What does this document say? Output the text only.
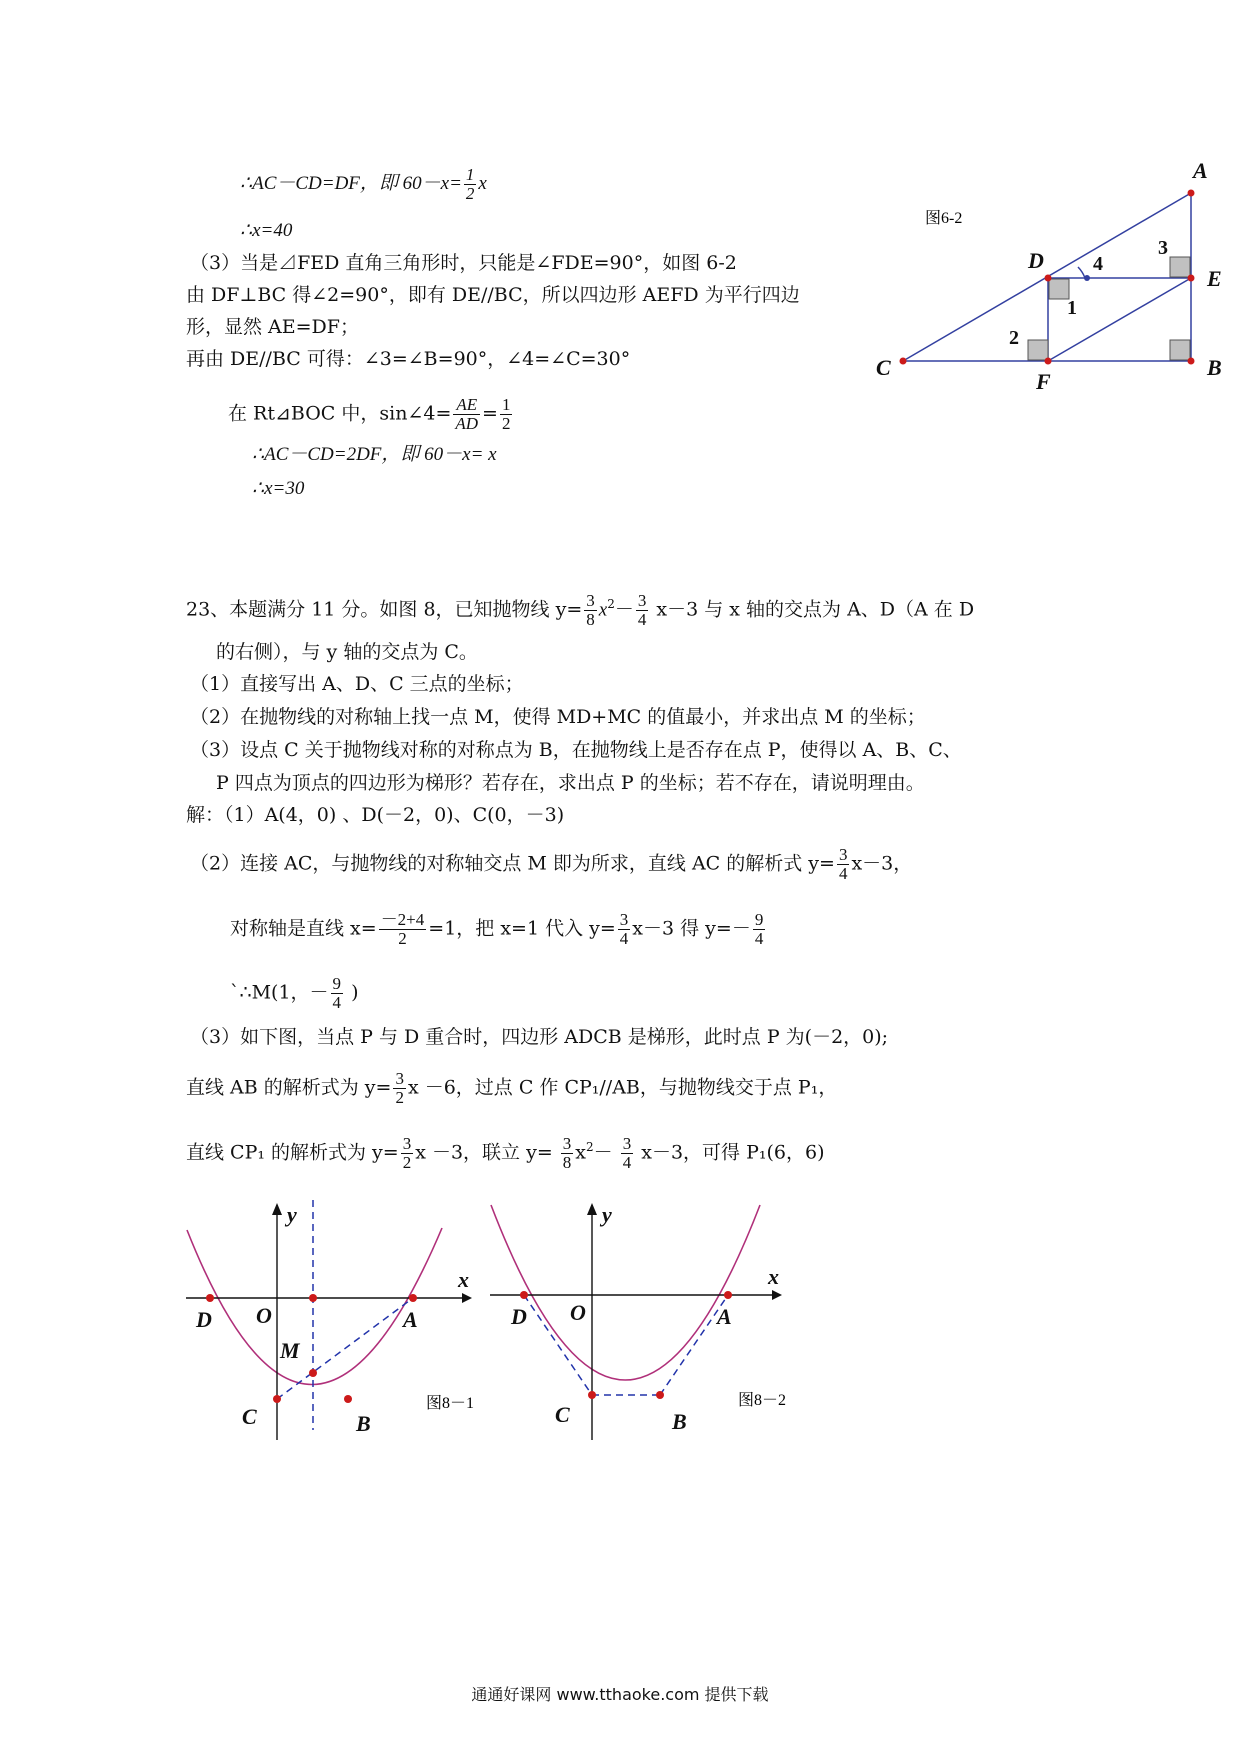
∴AC－CD=DF，即 $60-x= \frac{1}{2}$ x
∴x=40
（3）当是⊿FED 直角三角形时，只能是∠FDE=90°，如图 6-2
由 DF⊥BC 得∠2=90°，即有 DE//BC，所以四边形 AEFD 为平行四边
形，显然 AE=DF；
再由 DE//BC 可得：∠3=∠B=90°，∠4=∠C=30°
在 Rt⊿BOC 中，sin∠4= $\frac{AE}{AD} = \frac{1}{2}$
∴AC－CD=2DF，即 60－x= x
∴x=30
A
D
E
C
F
B
1
2
3
4
图6-2
23、本题满分 11 分。如图 8，已知抛物线 $y= \frac{3}{8} x^2- \frac{3}{4} x-3$ 与 x 轴的交点为 A、D（A 在 D
的右侧），与 y 轴的交点为 C。
（1）直接写出 A、D、C 三点的坐标；
（2）在抛物线的对称轴上找一点 M，使得 MD+MC 的值最小，并求出点 M 的坐标；
（3）设点 C 关于抛物线对称的对称点为 B，在抛物线上是否存在点 P，使得以 A、B、C、
P 四点为顶点的四边形为梯形？若存在，求出点 P 的坐标；若不存在，请说明理由。
解：（1）A(4，0) 、D(－2，0)、C(0，－3)
（2）连接 AC，与抛物线的对称轴交点 M 即为所求，直线 AC 的解析式 $y= \frac{3}{4} x-3$，
对称轴是直线 $x= \frac{-2+4}{2} =1$，把 x=1 代入 $y= \frac{3}{4} x-3$ 得 $y=- \frac{9}{4}$
`∴M(1，－ $\frac{9}{4}$ )
（3）如下图，当点 P 与 D 重合时，四边形 ADCB 是梯形，此时点 P 为(－2，0);
直线 AB 的解析式为 $y= \frac{3}{2}$ x －6，过点 C 作 CP₁//AB，与抛物线交于点 P₁，
直线 CP₁ 的解析式为 $y= \frac{3}{2}$ x －3，联立 $y= \frac{3}{8} x^2- \frac{3}{4} x-3$，可得 P₁(6，6)
x
y
O
D	A
M
C	B
图8－1
x
y
O
D	A
C	B
图8－2
通通好课网 www.tthaoke.com 提供下载
